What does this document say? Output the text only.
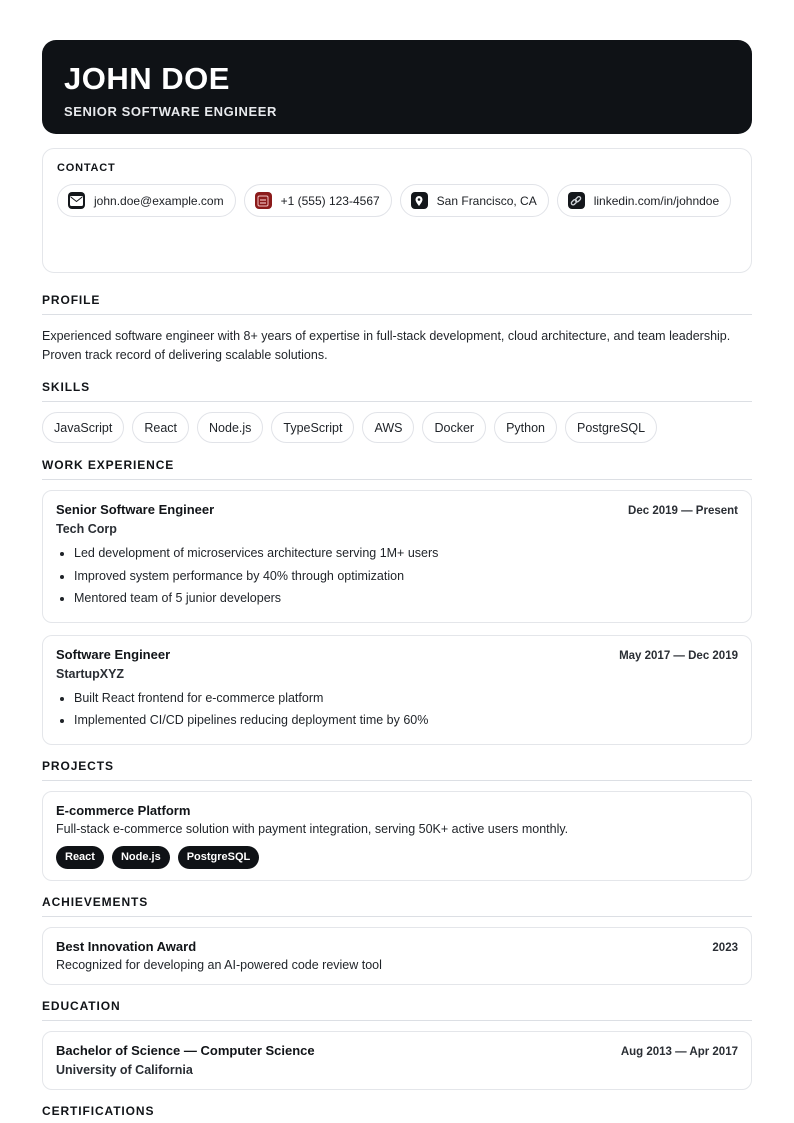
JOHN DOE
SENIOR SOFTWARE ENGINEER
CONTACT
john.doe@example.com	+1 (555) 123-4567	San Francisco, CA	linkedin.com/in/johndoe
PROFILE

Experienced software engineer with 8+ years of expertise in full-stack development, cloud architecture, and team leadership. Proven track record of delivering scalable solutions.

SKILLS
JavaScript	React	Node.js	TypeScript	AWS	Docker	Python	PostgreSQL
WORK EXPERIENCE
Senior Software Engineer	Dec 2019 — Present
Tech Corp
• Led development of microservices architecture serving 1M+ users
• Improved system performance by 40% through optimization
• Mentored team of 5 junior developers
Software Engineer	May 2017 — Dec 2019
StartupXYZ
• Built React frontend for e-commerce platform
• Implemented CI/CD pipelines reducing deployment time by 60%
PROJECTS
E-commerce Platform
Full-stack e-commerce solution with payment integration, serving 50K+ active users monthly.
React	Node.js	PostgreSQL
ACHIEVEMENTS
Best Innovation Award	2023
Recognized for developing an AI-powered code review tool
EDUCATION
Bachelor of Science — Computer Science	Aug 2013 — Apr 2017
University of California
CERTIFICATIONS
